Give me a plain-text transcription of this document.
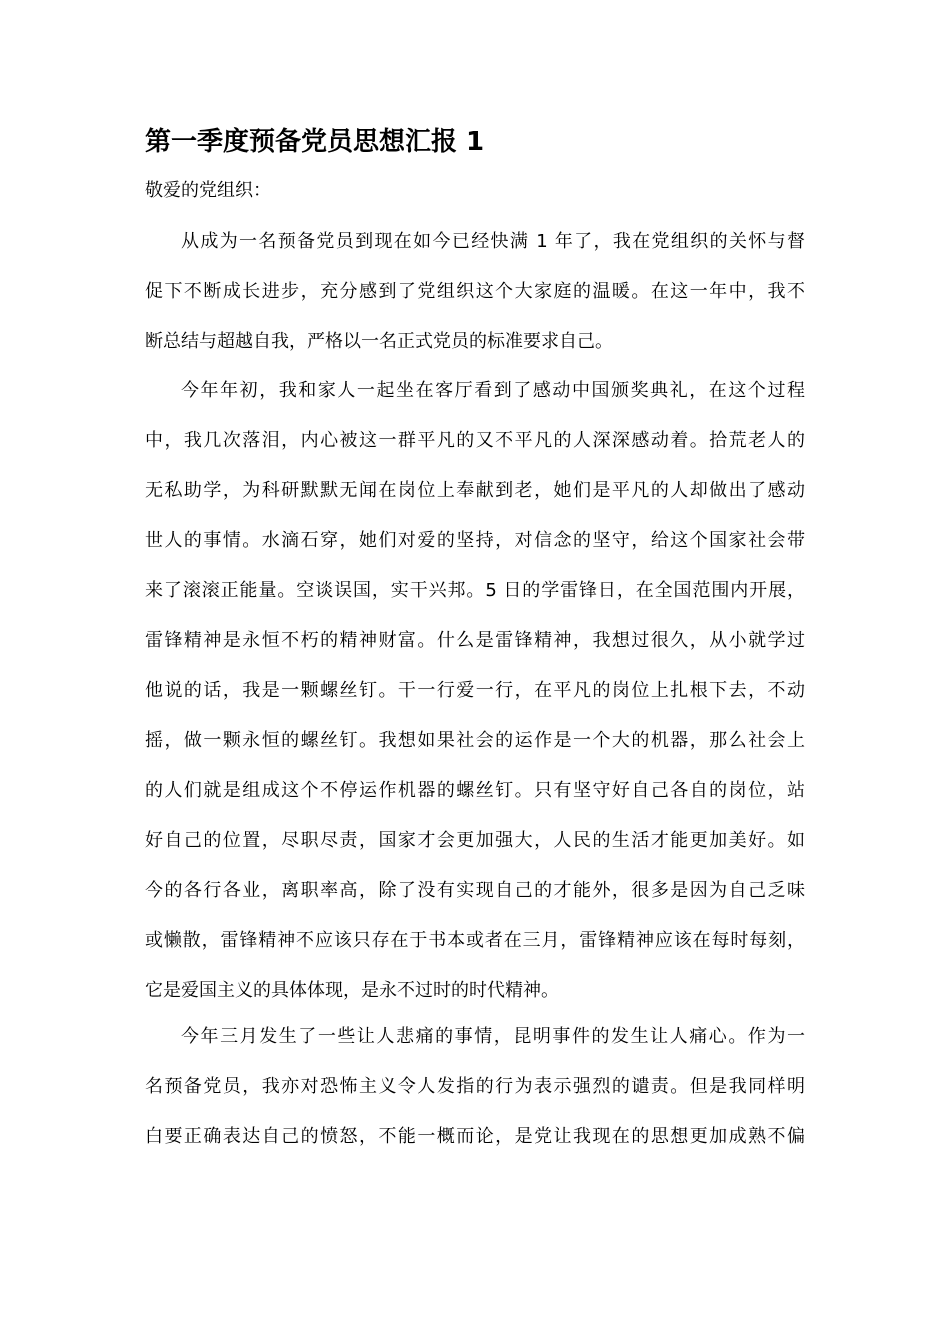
第一季度预备党员思想汇报 1

敬爱的党组织：

从成为一名预备党员到现在如今已经快满 1 年了，我在党组织的关怀与督
促下不断成长进步，充分感到了党组织这个大家庭的温暖。在这一年中，我不
断总结与超越自我，严格以一名正式党员的标准要求自己。
今年年初，我和家人一起坐在客厅看到了感动中国颁奖典礼，在这个过程
中，我几次落泪，内心被这一群平凡的又不平凡的人深深感动着。拾荒老人的
无私助学，为科研默默无闻在岗位上奉献到老，她们是平凡的人却做出了感动
世人的事情。水滴石穿，她们对爱的坚持，对信念的坚守，给这个国家社会带
来了滚滚正能量。空谈误国，实干兴邦。5 日的学雷锋日，在全国范围内开展，
雷锋精神是永恒不朽的精神财富。什么是雷锋精神，我想过很久，从小就学过
他说的话，我是一颗螺丝钉。干一行爱一行，在平凡的岗位上扎根下去，不动
摇，做一颗永恒的螺丝钉。我想如果社会的运作是一个大的机器，那么社会上
的人们就是组成这个不停运作机器的螺丝钉。只有坚守好自己各自的岗位，站
好自己的位置，尽职尽责，国家才会更加强大，人民的生活才能更加美好。如
今的各行各业，离职率高，除了没有实现自己的才能外，很多是因为自己乏味
或懒散，雷锋精神不应该只存在于书本或者在三月，雷锋精神应该在每时每刻，
它是爱国主义的具体体现，是永不过时的时代精神。
今年三月发生了一些让人悲痛的事情，昆明事件的发生让人痛心。作为一
名预备党员，我亦对恐怖主义令人发指的行为表示强烈的谴责。但是我同样明
白要正确表达自己的愤怒，不能一概而论，是党让我现在的思想更加成熟不偏
